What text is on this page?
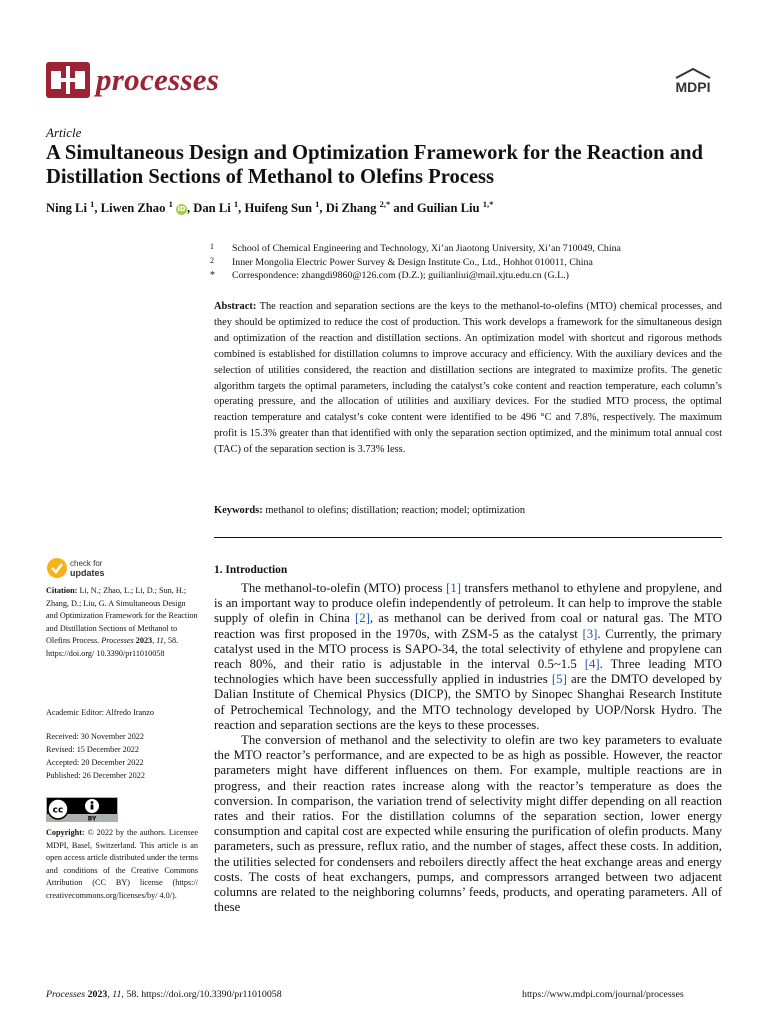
processes	MDPI
Article
A Simultaneous Design and Optimization Framework for the Reaction and Distillation Sections of Methanol to Olefins Process
Ning Li $^1$, Liwen Zhao $^1$ iD, Dan Li $^1$, Huifeng Sun $^1$, Di Zhang $^{2,*}$ and Guilian Liu $^{1,*}$
1 School of Chemical Engineering and Technology, Xi’an Jiaotong University, Xi’an 710049, China
2 Inner Mongolia Electric Power Survey & Design Institute Co., Ltd., Hohhot 010011, China
* Correspondence: zhangdi9860@126.com (D.Z.); guilianliui@mail.xjtu.edu.cn (G.L.)
Abstract: The reaction and separation sections are the keys to the methanol-to-olefins (MTO) chemical processes, and they should be optimized to reduce the cost of production. This work develops a framework for the simultaneous design and optimization of the reaction and distillation sections. An optimization model with shortcut and rigorous methods combined is established for distillation columns to improve accuracy and efficiency. With the auxiliary devices and the selection of utilities considered, the reaction and distillation sections are integrated to maximize profits. The genetic algorithm targets the optimal parameters, including the catalyst’s coke content and reaction temperature, each column’s operating pressure, and the allocation of utilities and auxiliary devices. For the studied MTO process, the optimal reaction temperature and catalyst’s coke content were identified to be 496 °C and 7.8%, respectively. The maximum profit is 15.3% greater than that identified with only the separation section optimized, and the minimum total annual cost (TAC) of the separation section is 3.73% less.
Keywords: methanol to olefins; distillation; reaction; model; optimization
check for
updates
Citation: Li, N.; Zhao, L.; Li, D.; Sun, H.; Zhang, D.; Liu, G. A Simultaneous Design and Optimization Framework for the Reaction and Distillation Sections of Methanol to Olefins Process. Processes 2023, 11, 58. https://doi.org/ 10.3390/pr11010058
Academic Editor: Alfredo Iranzo
Received: 30 November 2022
Revised: 15 December 2022
Accepted: 20 December 2022
Published: 26 December 2022
cc
BY
Copyright: © 2022 by the authors. Licensee MDPI, Basel, Switzerland. This article is an open access article distributed under the terms and conditions of the Creative Commons Attribution (CC BY) license (https:// creativecommons.org/licenses/by/ 4.0/).
1. Introduction

The methanol-to-olefin (MTO) process [1] transfers methanol to ethylene and propylene, and is an important way to produce olefin independently of petroleum. It can help to improve the stable supply of olefin in China [2], as methanol can be derived from coal or natural gas. The MTO reaction was first proposed in the 1970s, with ZSM-5 as the catalyst [3]. Currently, the primary catalyst used in the MTO process is SAPO-34, the total selectivity of ethylene and propylene can reach 80%, and their ratio is adjustable in the interval 0.5~1.5 [4]. Three leading MTO technologies which have been successfully applied in industries [5] are the DMTO developed by Dalian Institute of Chemical Physics (DICP), the SMTO by Sinopec Shanghai Research Institute of Petrochemical Technology, and the MTO technology developed by UOP/Norsk Hydro. The reaction and separation sections are the keys to these processes.

The conversion of methanol and the selectivity to olefin are two key parameters to evaluate the MTO reactor’s performance, and are expected to be as high as possible. However, the reactor parameters might have different influences on them. For example, multiple reactions are in progress, and their reaction rates increase along with the reactor’s temperature as does the conversion. In comparison, the variation trend of selectivity might differ depending on all reaction rates and their ratios. For the distillation columns of the separation section, lower energy consumption and capital cost are expected while ensuring the purification of olefin products. Many parameters, such as pressure, reflux ratio, and the number of stages, affect these costs. In addition, the utilities selected for condensers and reboilers directly affect the heat exchange areas and energy costs. The costs of heat exchangers, pumps, and compressors arranged between two adjacent columns are related to the neighboring columns’ feeds, products, and operating parameters. All of these

Processes 2023, 11, 58. https://doi.org/10.3390/pr11010058	https://www.mdpi.com/journal/processes
